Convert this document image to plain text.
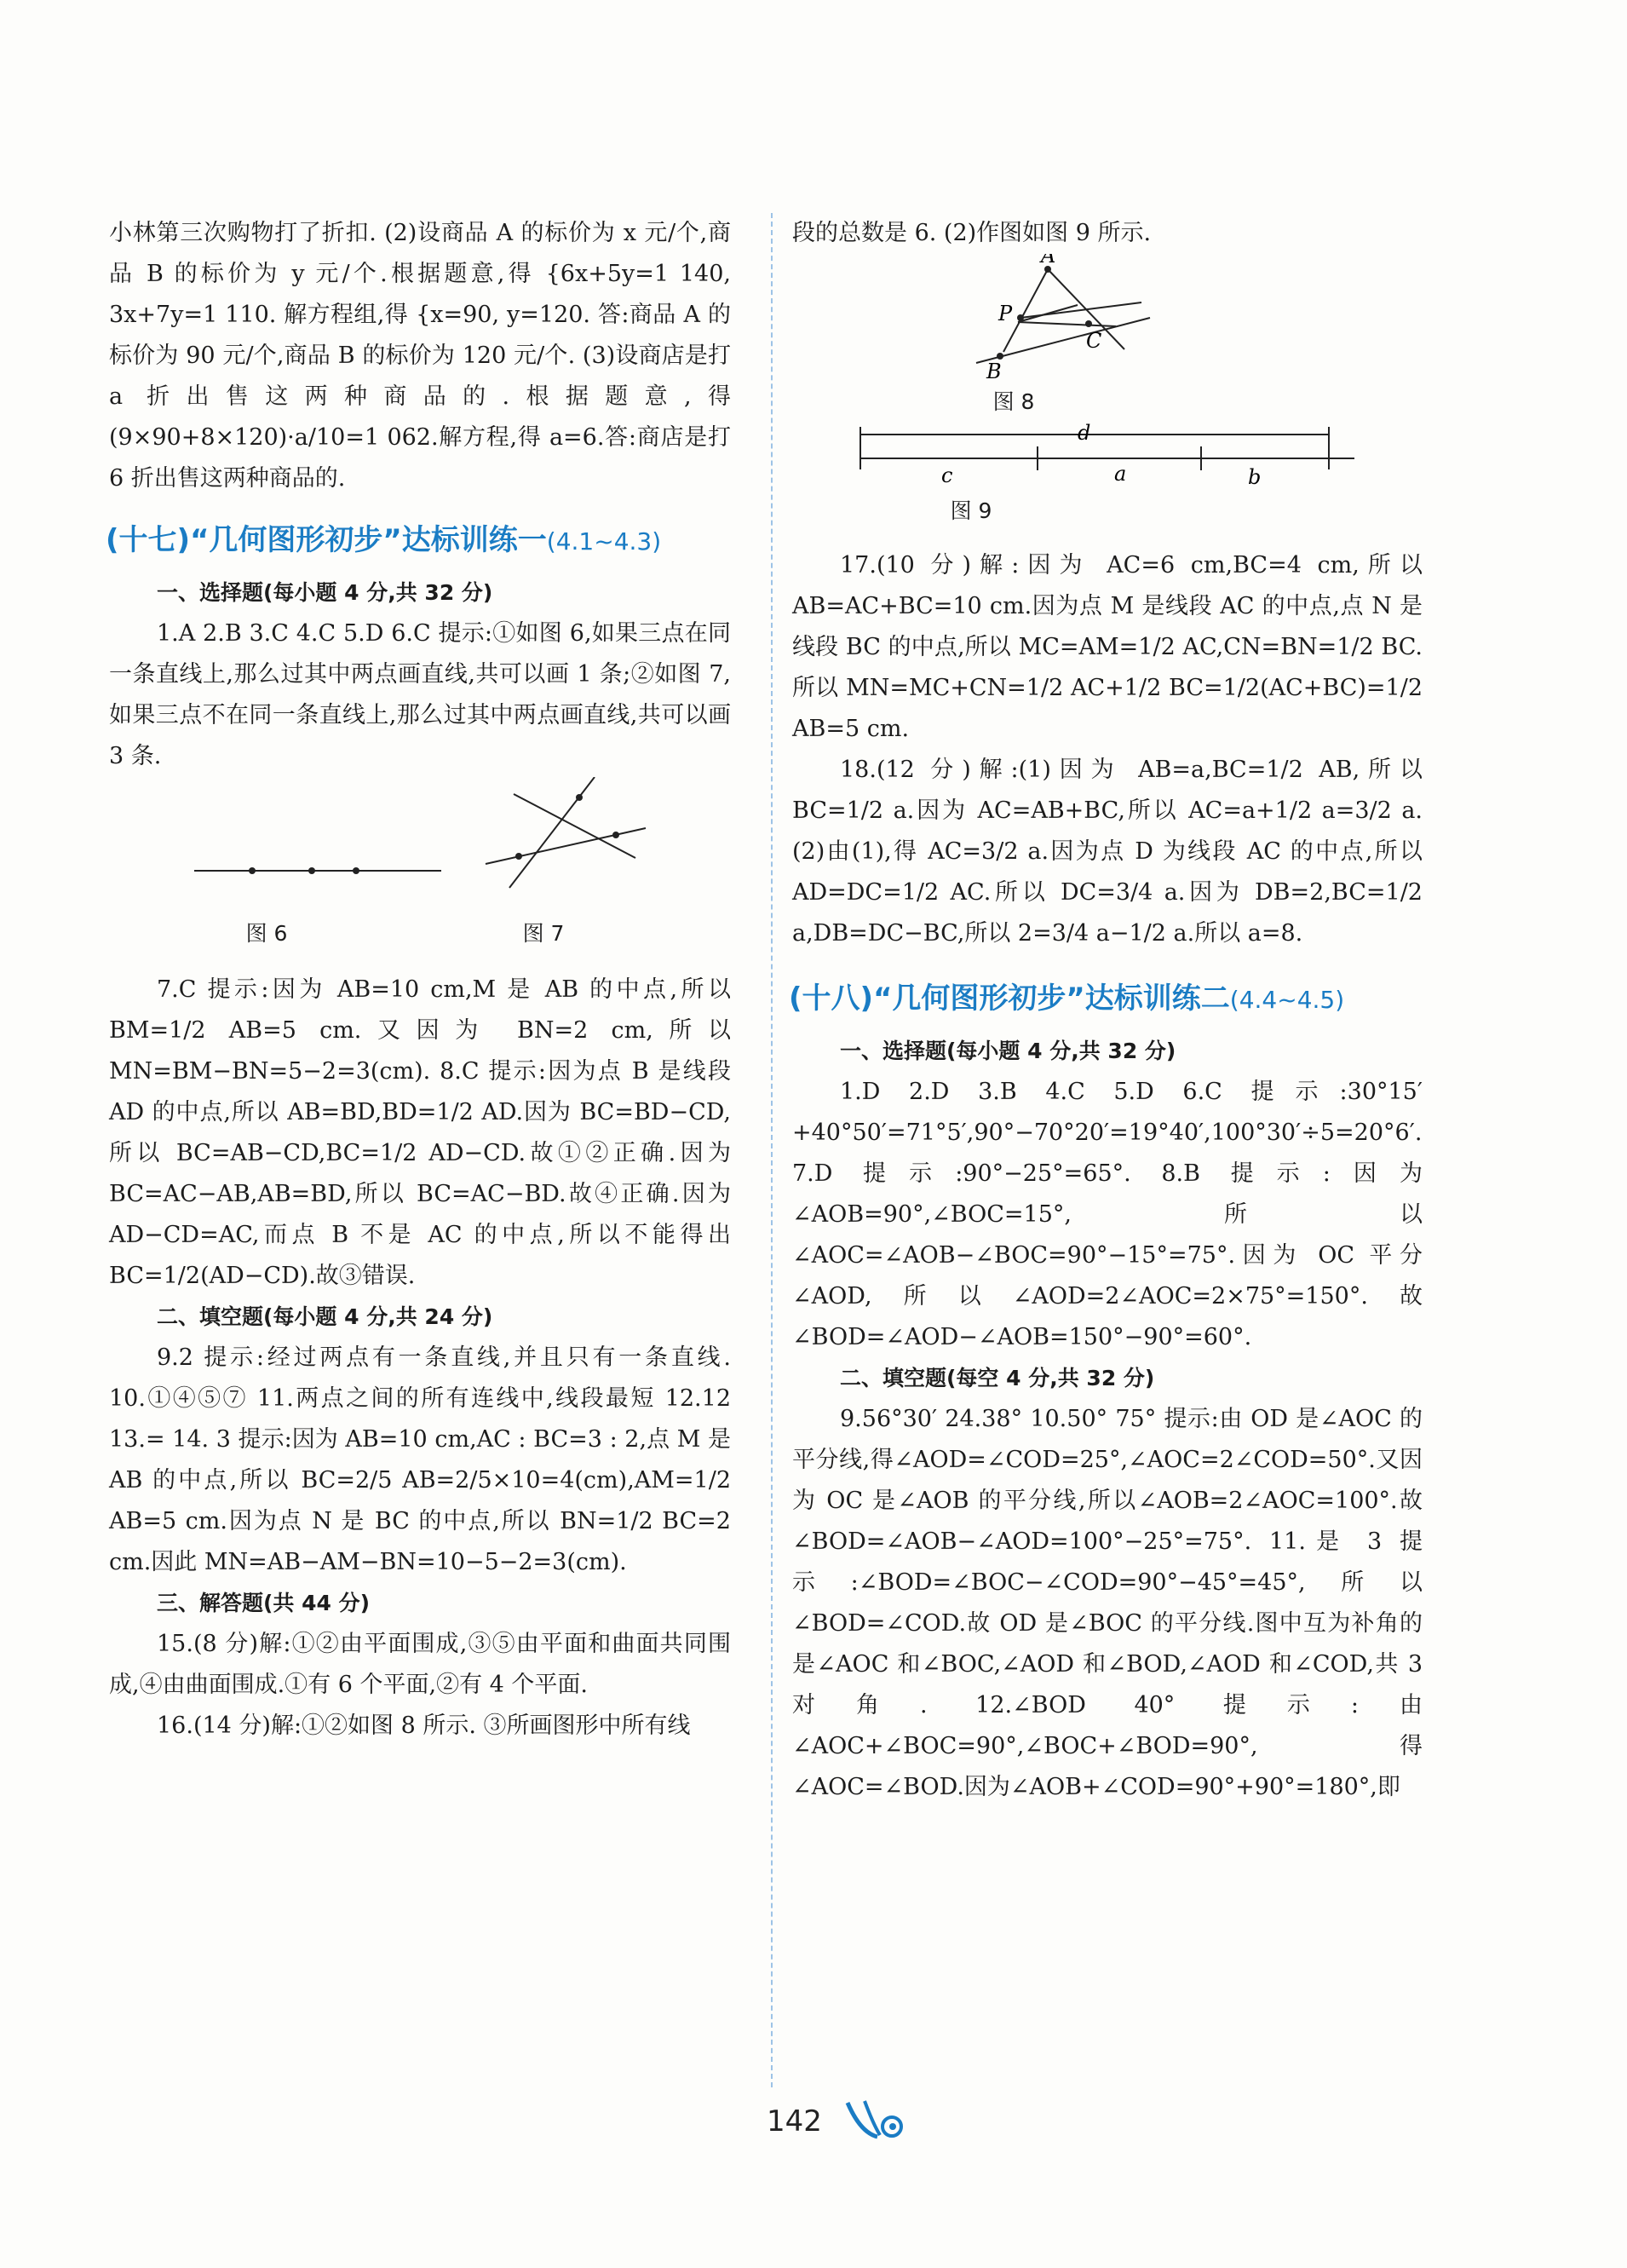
小林第三次购物打了折扣. (2)设商品 A 的标价为 x 元/个,商品 B 的标价为 y 元/个.根据题意,得 {6x+5y=1 140, 3x+7y=1 110. 解方程组,得 {x=90, y=120. 答:商品 A 的标价为 90 元/个,商品 B 的标价为 120 元/个. (3)设商店是打 a 折出售这两种商品的.根据题意,得(9×90+8×120)·a/10=1 062.解方程,得 a=6.答:商店是打 6 折出售这两种商品的.

(十七)“几何图形初步”达标训练一(4.1~4.3)

一、选择题(每小题 4 分,共 32 分)

1.A 2.B 3.C 4.C 5.D 6.C 提示:①如图 6,如果三点在同一条直线上,那么过其中两点画直线,共可以画 1 条;②如图 7,如果三点不在同一条直线上,那么过其中两点画直线,共可以画 3 条.

图 6	图 7

7.C 提示:因为 AB=10 cm,M 是 AB 的中点,所以 BM=1/2 AB=5 cm.又因为 BN=2 cm,所以 MN=BM−BN=5−2=3(cm). 8.C 提示:因为点 B 是线段 AD 的中点,所以 AB=BD,BD=1/2 AD.因为 BC=BD−CD,所以 BC=AB−CD,BC=1/2 AD−CD.故①②正确.因为 BC=AC−AB,AB=BD,所以 BC=AC−BD.故④正确.因为 AD−CD=AC,而点 B 不是 AC 的中点,所以不能得出 BC=1/2(AD−CD).故③错误.

二、填空题(每小题 4 分,共 24 分)

9.2 提示:经过两点有一条直线,并且只有一条直线. 10.①④⑤⑦ 11.两点之间的所有连线中,线段最短 12.12 13.= 14. 3 提示:因为 AB=10 cm,AC : BC=3 : 2,点 M 是 AB 的中点,所以 BC=2/5 AB=2/5×10=4(cm),AM=1/2 AB=5 cm.因为点 N 是 BC 的中点,所以 BN=1/2 BC=2 cm.因此 MN=AB−AM−BN=10−5−2=3(cm).

三、解答题(共 44 分)

15.(8 分)解:①②由平面围成,③⑤由平面和曲面共同围成,④由曲面围成.①有 6 个平面,②有 4 个平面.

16.(14 分)解:①②如图 8 所示. ③所画图形中所有线

段的总数是 6. (2)作图如图 9 所示.

A
P
C
B
图 8
d
c	a	b
图 9

17.(10 分)解:因为 AC=6 cm,BC=4 cm,所以 AB=AC+BC=10 cm.因为点 M 是线段 AC 的中点,点 N 是线段 BC 的中点,所以 MC=AM=1/2 AC,CN=BN=1/2 BC.所以 MN=MC+CN=1/2 AC+1/2 BC=1/2(AC+BC)=1/2 AB=5 cm.

18.(12 分)解:(1)因为 AB=a,BC=1/2 AB,所以 BC=1/2 a.因为 AC=AB+BC,所以 AC=a+1/2 a=3/2 a. (2)由(1),得 AC=3/2 a.因为点 D 为线段 AC 的中点,所以 AD=DC=1/2 AC.所以 DC=3/4 a.因为 DB=2,BC=1/2 a,DB=DC−BC,所以 2=3/4 a−1/2 a.所以 a=8.

(十八)“几何图形初步”达标训练二(4.4~4.5)

一、选择题(每小题 4 分,共 32 分)

1.D 2.D 3.B 4.C 5.D 6.C 提示:30°15′+40°50′=71°5′,90°−70°20′=19°40′,100°30′÷5=20°6′. 7.D 提示:90°−25°=65°. 8.B 提示:因为∠AOB=90°,∠BOC=15°,所以∠AOC=∠AOB−∠BOC=90°−15°=75°.因为 OC 平分∠AOD,所以∠AOD=2∠AOC=2×75°=150°.故∠BOD=∠AOD−∠AOB=150°−90°=60°.

二、填空题(每空 4 分,共 32 分)

9.56°30′ 24.38° 10.50° 75° 提示:由 OD 是∠AOC 的平分线,得∠AOD=∠COD=25°,∠AOC=2∠COD=50°.又因为 OC 是∠AOB 的平分线,所以∠AOB=2∠AOC=100°.故∠BOD=∠AOB−∠AOD=100°−25°=75°. 11.是 3 提示:∠BOD=∠BOC−∠COD=90°−45°=45°,所以∠BOD=∠COD.故 OD 是∠BOC 的平分线.图中互为补角的是∠AOC 和∠BOC,∠AOD 和∠BOD,∠AOD 和∠COD,共 3 对角. 12.∠BOD 40° 提示:由∠AOC+∠BOC=90°,∠BOC+∠BOD=90°,得∠AOC=∠BOD.因为∠AOB+∠COD=90°+90°=180°,即

142
